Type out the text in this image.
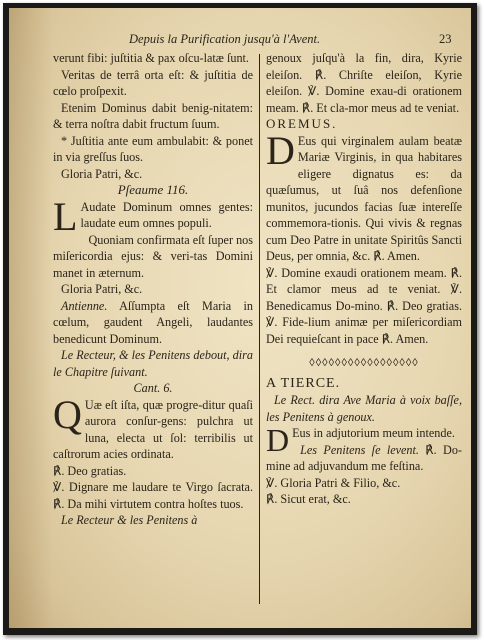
Depuis la Purification jusqu'à l'Avent.	23

verunt fibi: juſtitia & pax oſcu-latæ ſunt.

Veritas de terrâ orta eſt: & juſtitia de cœlo proſpexit.

Etenim Dominus dabit benig-nitatem: & terra noſtra dabit fructum ſuum.

* Juſtitia ante eum ambulabit: & ponet in via greſſus ſuos.

Gloria Patri, &c.

Pſeaume 116.

L Audate Dominum omnes gentes: laudate eum omnes populi.

Quoniam confirmata eſt ſuper nos miſericordia ejus: & veri-tas Domini manet in æternum.

Gloria Patri, &c.

Antienne. Aſſumpta eſt Maria in cœlum, gaudent Angeli, laudantes benedicunt Dominum.

Le Recteur, & les Penitens debout, dira le Chapitre ſuivant.

Cant. 6.

Q Uæ eſt iſta, quæ progre-ditur quaſi aurora conſur-gens: pulchra ut luna, electa ut ſol: terribilis ut caſtrorum acies ordinata.

℟. Deo gratias.

℣. Dignare me laudare te Virgo ſacrata. ℟. Da mihi virtutem contra hoſtes tuos.

Le Recteur & les Penitens à

genoux juſqu'à la fin, dira, Kyrie eleiſon. ℟. Chriſte eleiſon, Kyrie eleiſon. ℣. Domine exau-di orationem meam. ℟. Et cla-mor meus ad te veniat.

OREMUS.

D Eus qui virginalem aulam beatæ Mariæ Virginis, in qua habitares eligere dignatus es: da quæſumus, ut ſuâ nos defenſione munitos, jucundos facias ſuæ intereſſe commemora-tionis. Qui vivis & regnas cum Deo Patre in unitate Spiritûs Sancti Deus, per omnia, &c. ℟. Amen.

℣. Domine exaudi orationem meam. ℟. Et clamor meus ad te veniat. ℣. Benedicamus Do-mino. ℟. Deo gratias. ℣. Fide-lium animæ per miſericordiam Dei requieſcant in pace ℟. Amen.

◊◊◊◊◊◊◊◊◊◊◊◊◊◊◊◊◊

A TIERCE.

Le Rect. dira Ave Maria à voix baſſe, les Penitens à genoux.

D Eus in adjutorium meum intende.

Les Penitens ſe levent. ℟. Do-mine ad adjuvandum me feſtina.

℣. Gloria Patri & Filio, &c.

℟. Sicut erat, &c.
